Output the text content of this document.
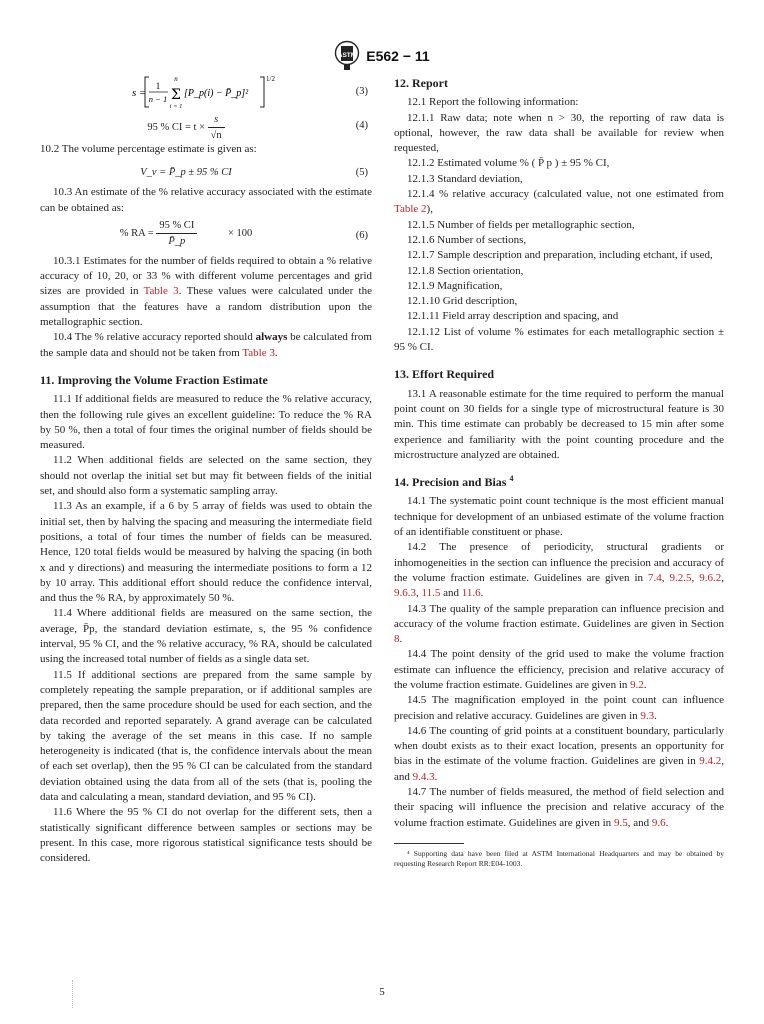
ASTM E562 − 11
s =
1
n − 1
n
Σ
i = 1
[P_p(i) − P̄_p]²
1/2
(3)
95 % CI = $t \times \frac{s}{√n}$	(4)

10.2 The volume percentage estimate is given as:

V_v = P̄_p ± 95 % CI	(5)

10.3 An estimate of the % relative accuracy associated with the estimate can be obtained as:

% RA = $\frac{95 \% CI}{P̄\_p}$	× 100	(6)

10.3.1 Estimates for the number of fields required to obtain a % relative accuracy of 10, 20, or 33 % with different volume percentages and grid sizes are provided in Table 3. These values were calculated under the assumption that the features have a random distribution upon the metallographic section.

10.4 The % relative accuracy reported should always be calculated from the sample data and should not be taken from Table 3.

11. Improving the Volume Fraction Estimate

11.1 If additional fields are measured to reduce the % relative accuracy, then the following rule gives an excellent guideline: To reduce the % RA by 50 %, then a total of four times the original number of fields should be measured.

11.2 When additional fields are selected on the same section, they should not overlap the initial set but may fit between fields of the initial set, and should also form a systematic sampling array.

11.3 As an example, if a 6 by 5 array of fields was used to obtain the initial set, then by halving the spacing and measuring the intermediate field positions, a total of four times the number of fields can be measured. Hence, 120 total fields would be measured by halving the spacing (in both x and y directions) and measuring the intermediate positions to form a 12 by 10 array. This additional effort should reduce the confidence interval, and thus the % RA, by approximately 50 %.

11.4 Where additional fields are measured on the same section, the average, P̄p, the standard deviation estimate, s, the 95 % confidence interval, 95 % CI, and the % relative accuracy, % RA, should be calculated using the increased total number of fields as a single data set.

11.5 If additional sections are prepared from the same sample by completely repeating the sample preparation, or if additional samples are prepared, then the same procedure should be used for each section, and the data recorded and reported separately. A grand average can be calculated by taking the average of the set means in this case. If no sample heterogeneity is indicated (that is, the confidence intervals about the mean of each set overlap), then the 95 % CI can be calculated from the standard deviation obtained using the data from all of the sets (that is, pooling the data and calculating a mean, standard deviation, and 95 % CI).

11.6 Where the 95 % CI do not overlap for the different sets, then a statistically significant difference between samples or sections may be present. In this case, more rigorous statistical significance tests should be considered.

12. Report

12.1 Report the following information:

12.1.1 Raw data; note when n > 30, the reporting of raw data is optional, however, the raw data shall be available for review when requested,

12.1.2 Estimated volume % ( P̄ p ) ± 95 % CI,

12.1.3 Standard deviation,

12.1.4 % relative accuracy (calculated value, not one estimated from Table 2),

12.1.5 Number of fields per metallographic section,

12.1.6 Number of sections,

12.1.7 Sample description and preparation, including etchant, if used,

12.1.8 Section orientation,

12.1.9 Magnification,

12.1.10 Grid description,

12.1.11 Field array description and spacing, and

12.1.12 List of volume % estimates for each metallographic section ± 95 % CI.

13. Effort Required

13.1 A reasonable estimate for the time required to perform the manual point count on 30 fields for a single type of microstructural feature is 30 min. This time estimate can probably be decreased to 15 min after some experience and familiarity with the point counting procedure and the microstructure analyzed are obtained.

14. Precision and Bias $^4$

14.1 The systematic point count technique is the most efficient manual technique for development of an unbiased estimate of the volume fraction of an identifiable constituent or phase.

14.2 The presence of periodicity, structural gradients or inhomogeneities in the section can influence the precision and accuracy of the volume fraction estimate. Guidelines are given in 7.4, 9.2.5, 9.6.2, 9.6.3, 11.5 and 11.6.

14.3 The quality of the sample preparation can influence precision and accuracy of the volume fraction estimate. Guidelines are given in Section 8.

14.4 The point density of the grid used to make the volume fraction estimate can influence the efficiency, precision and relative accuracy of the volume fraction estimate. Guidelines are given in 9.2.

14.5 The magnification employed in the point count can influence precision and relative accuracy. Guidelines are given in 9.3.

14.6 The counting of grid points at a constituent boundary, particularly when doubt exists as to their exact location, presents an opportunity for bias in the estimate of the volume fraction. Guidelines are given in 9.4.2, and 9.4.3.

14.7 The number of fields measured, the method of field selection and their spacing will influence the precision and relative accuracy of the volume fraction estimate. Guidelines are given in 9.5, and 9.6.

⁴ Supporting data have been filed at ASTM International Headquarters and may be obtained by requesting Research Report RR:E04-1003.

5
